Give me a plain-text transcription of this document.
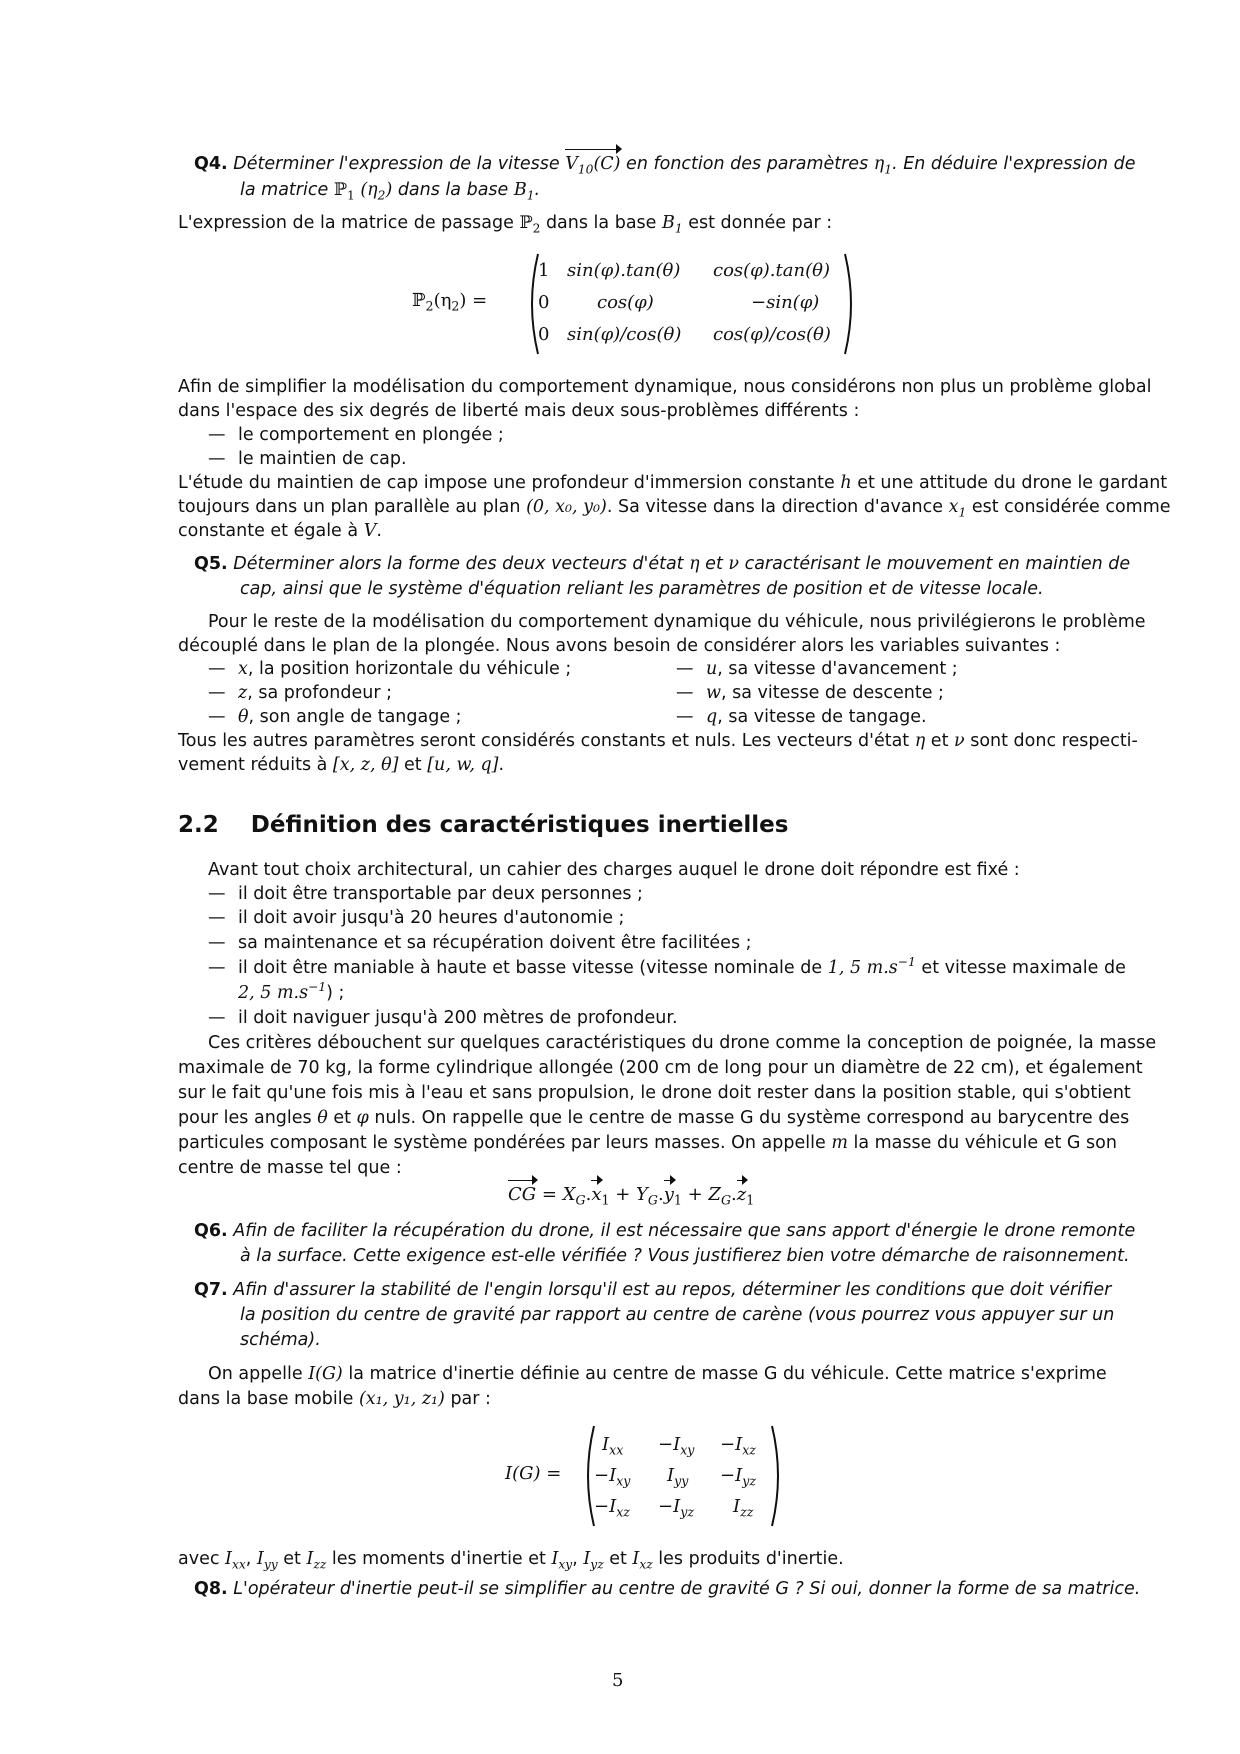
Q4. Déterminer l'expression de la vitesse $V_{10}(C)$ en fonction des paramètres $\eta_1$. En déduire l'expression de
la matrice ℙ$_1$ $(\eta_2)$ dans la base $B_1$.
L'expression de la matrice de passage ℙ$_2$ dans la base $B_1$ est donnée par :
$ℙ_2(\eta_2)$ =
1 sin(φ).tan(θ) cos(φ).tan(θ)
0	cos(φ)	−sin(φ)
0 sin(φ)/cos(θ) cos(φ)/cos(θ)
Afin de simplifier la modélisation du comportement dynamique, nous considérons non plus un problème global
dans l'espace des six degrés de liberté mais deux sous-problèmes différents :
— le comportement en plongée ;
— le maintien de cap.
L'étude du maintien de cap impose une profondeur d'immersion constante h et une attitude du drone le gardant
toujours dans un plan parallèle au plan (0, x₀, y₀). Sa vitesse dans la direction d'avance $x_1$ est considérée comme
constante et égale à V.
Q5. Déterminer alors la forme des deux vecteurs d'état η et ν caractérisant le mouvement en maintien de
cap, ainsi que le système d'équation reliant les paramètres de position et de vitesse locale.
Pour le reste de la modélisation du comportement dynamique du véhicule, nous privilégierons le problème
découplé dans le plan de la plongée. Nous avons besoin de considérer alors les variables suivantes :
— x, la position horizontale du véhicule ;
— z, sa profondeur ;
— θ, son angle de tangage ;
— u, sa vitesse d'avancement ;
— w, sa vitesse de descente ;
— q, sa vitesse de tangage.
Tous les autres paramètres seront considérés constants et nuls. Les vecteurs d'état η et ν sont donc respecti-
vement réduits à [x, z, θ] et [u, w, q].
2.2 Définition des caractéristiques inertielles
Avant tout choix architectural, un cahier des charges auquel le drone doit répondre est fixé :
— il doit être transportable par deux personnes ;
— il doit avoir jusqu'à 20 heures d'autonomie ;
— sa maintenance et sa récupération doivent être facilitées ;
— il doit être maniable à haute et basse vitesse (vitesse nominale de 1, 5 $m.s^{-1}$ et vitesse maximale de
2, 5 $m.s^{-1}$) ;
— il doit naviguer jusqu'à 200 mètres de profondeur.
Ces critères débouchent sur quelques caractéristiques du drone comme la conception de poignée, la masse
maximale de 70 kg, la forme cylindrique allongée (200 cm de long pour un diamètre de 22 cm), et également
sur le fait qu'une fois mis à l'eau et sans propulsion, le drone doit rester dans la position stable, qui s'obtient
pour les angles θ et φ nuls. On rappelle que le centre de masse G du système correspond au barycentre des
particules composant le système pondérées par leurs masses. On appelle m la masse du véhicule et G son
centre de masse tel que :
CG = $X_G.x_1 + Y_G.y_1 + Z_G.z_1$
Q6. Afin de faciliter la récupération du drone, il est nécessaire que sans apport d'énergie le drone remonte
à la surface. Cette exigence est-elle vérifiée ? Vous justifierez bien votre démarche de raisonnement.
Q7. Afin d'assurer la stabilité de l'engin lorsqu'il est au repos, déterminer les conditions que doit vérifier
la position du centre de gravité par rapport au centre de carène (vous pourrez vous appuyer sur un
schéma).
On appelle I(G) la matrice d'inertie définie au centre de masse G du véhicule. Cette matrice s'exprime
dans la base mobile (x₁, y₁, z₁) par :
I(G) =
$I_{xx} -I_{xy} -I_{xz}$
$-I_{xy}$ $I_{yy} -I_{yz}$
$-I_{xz} -I_{yz}$ $I_{zz}$
avec $I_{xx}$, $I_{yy}$ et $I_{zz}$ les moments d'inertie et $I_{xy}$, $I_{yz}$ et $I_{xz}$ les produits d'inertie.
Q8. L'opérateur d'inertie peut-il se simplifier au centre de gravité G ? Si oui, donner la forme de sa matrice.
5
